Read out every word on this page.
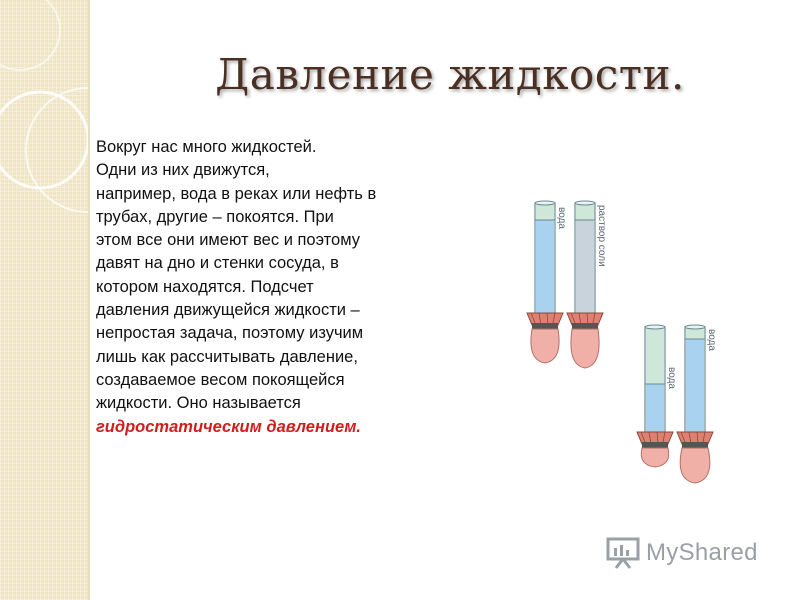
Давление жидкости.
Вокруг нас много жидкостей.
Одни из них движутся,
например, вода в реках или нефть в
трубах, другие – покоятся. При
этом все они имеют вес и поэтому
давят на дно и стенки сосуда, в
котором находятся. Подсчет
давления движущейся жидкости –
непростая задача, поэтому изучим
лишь как рассчитывать давление,
создаваемое весом покоящейся
жидкости. Оно называется
гидростатическим давлением.
вода	раствор соли
вода
вода
MyShared
